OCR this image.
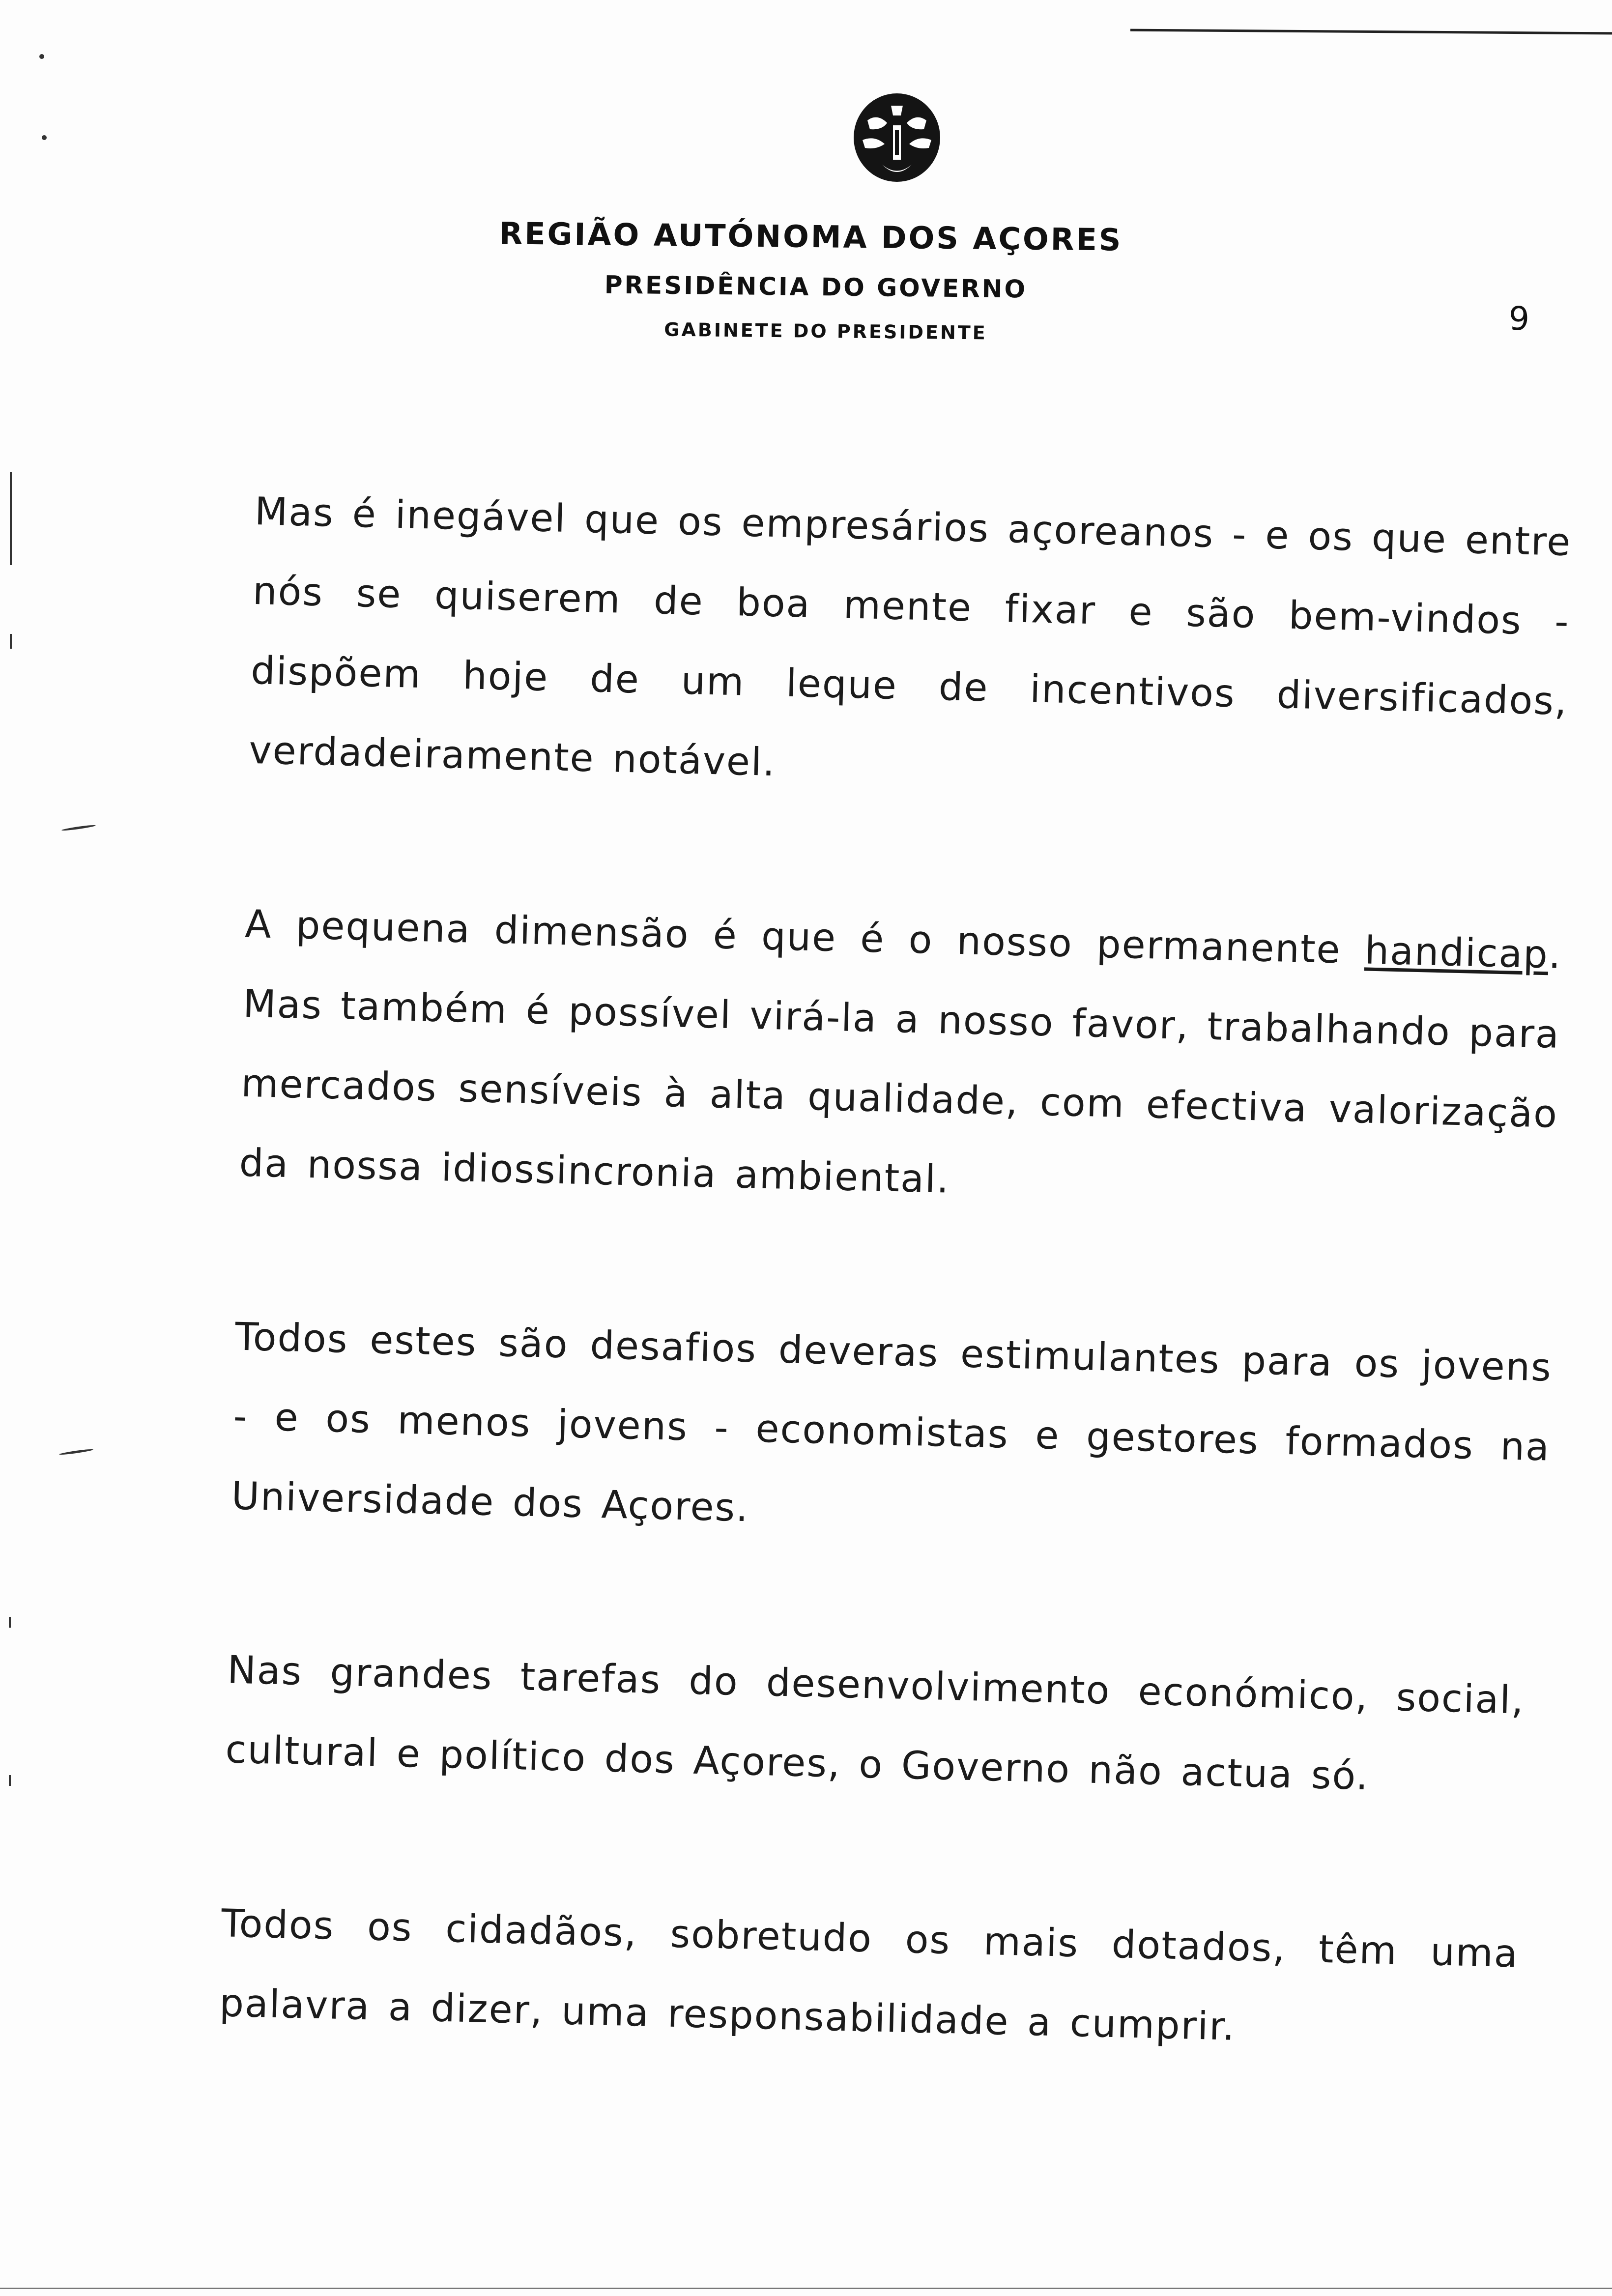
REGIÃO AUTÓNOMA DOS AÇORES
PRESIDÊNCIA DO GOVERNO
GABINETE DO PRESIDENTE	9

Mas é inegável que os empresários açoreanos - e os que entre nós se quiserem de boa mente fixar e são bem-vindos - dispõem hoje de um leque de incentivos diversificados, verdadeiramente notável.

A pequena dimensão é que é o nosso permanente handicap. Mas também é possível virá-la a nosso favor, trabalhando para mercados sensíveis à alta qualidade, com efectiva valorização da nossa idiossincronia ambiental.

Todos estes são desafios deveras estimulantes para os jovens - e os menos jovens - economistas e gestores formados na Universidade dos Açores.

Nas grandes tarefas do desenvolvimento económico, social, cultural e político dos Açores, o Governo não actua só.

Todos os cidadãos, sobretudo os mais dotados, têm uma palavra a dizer, uma responsabilidade a cumprir.
